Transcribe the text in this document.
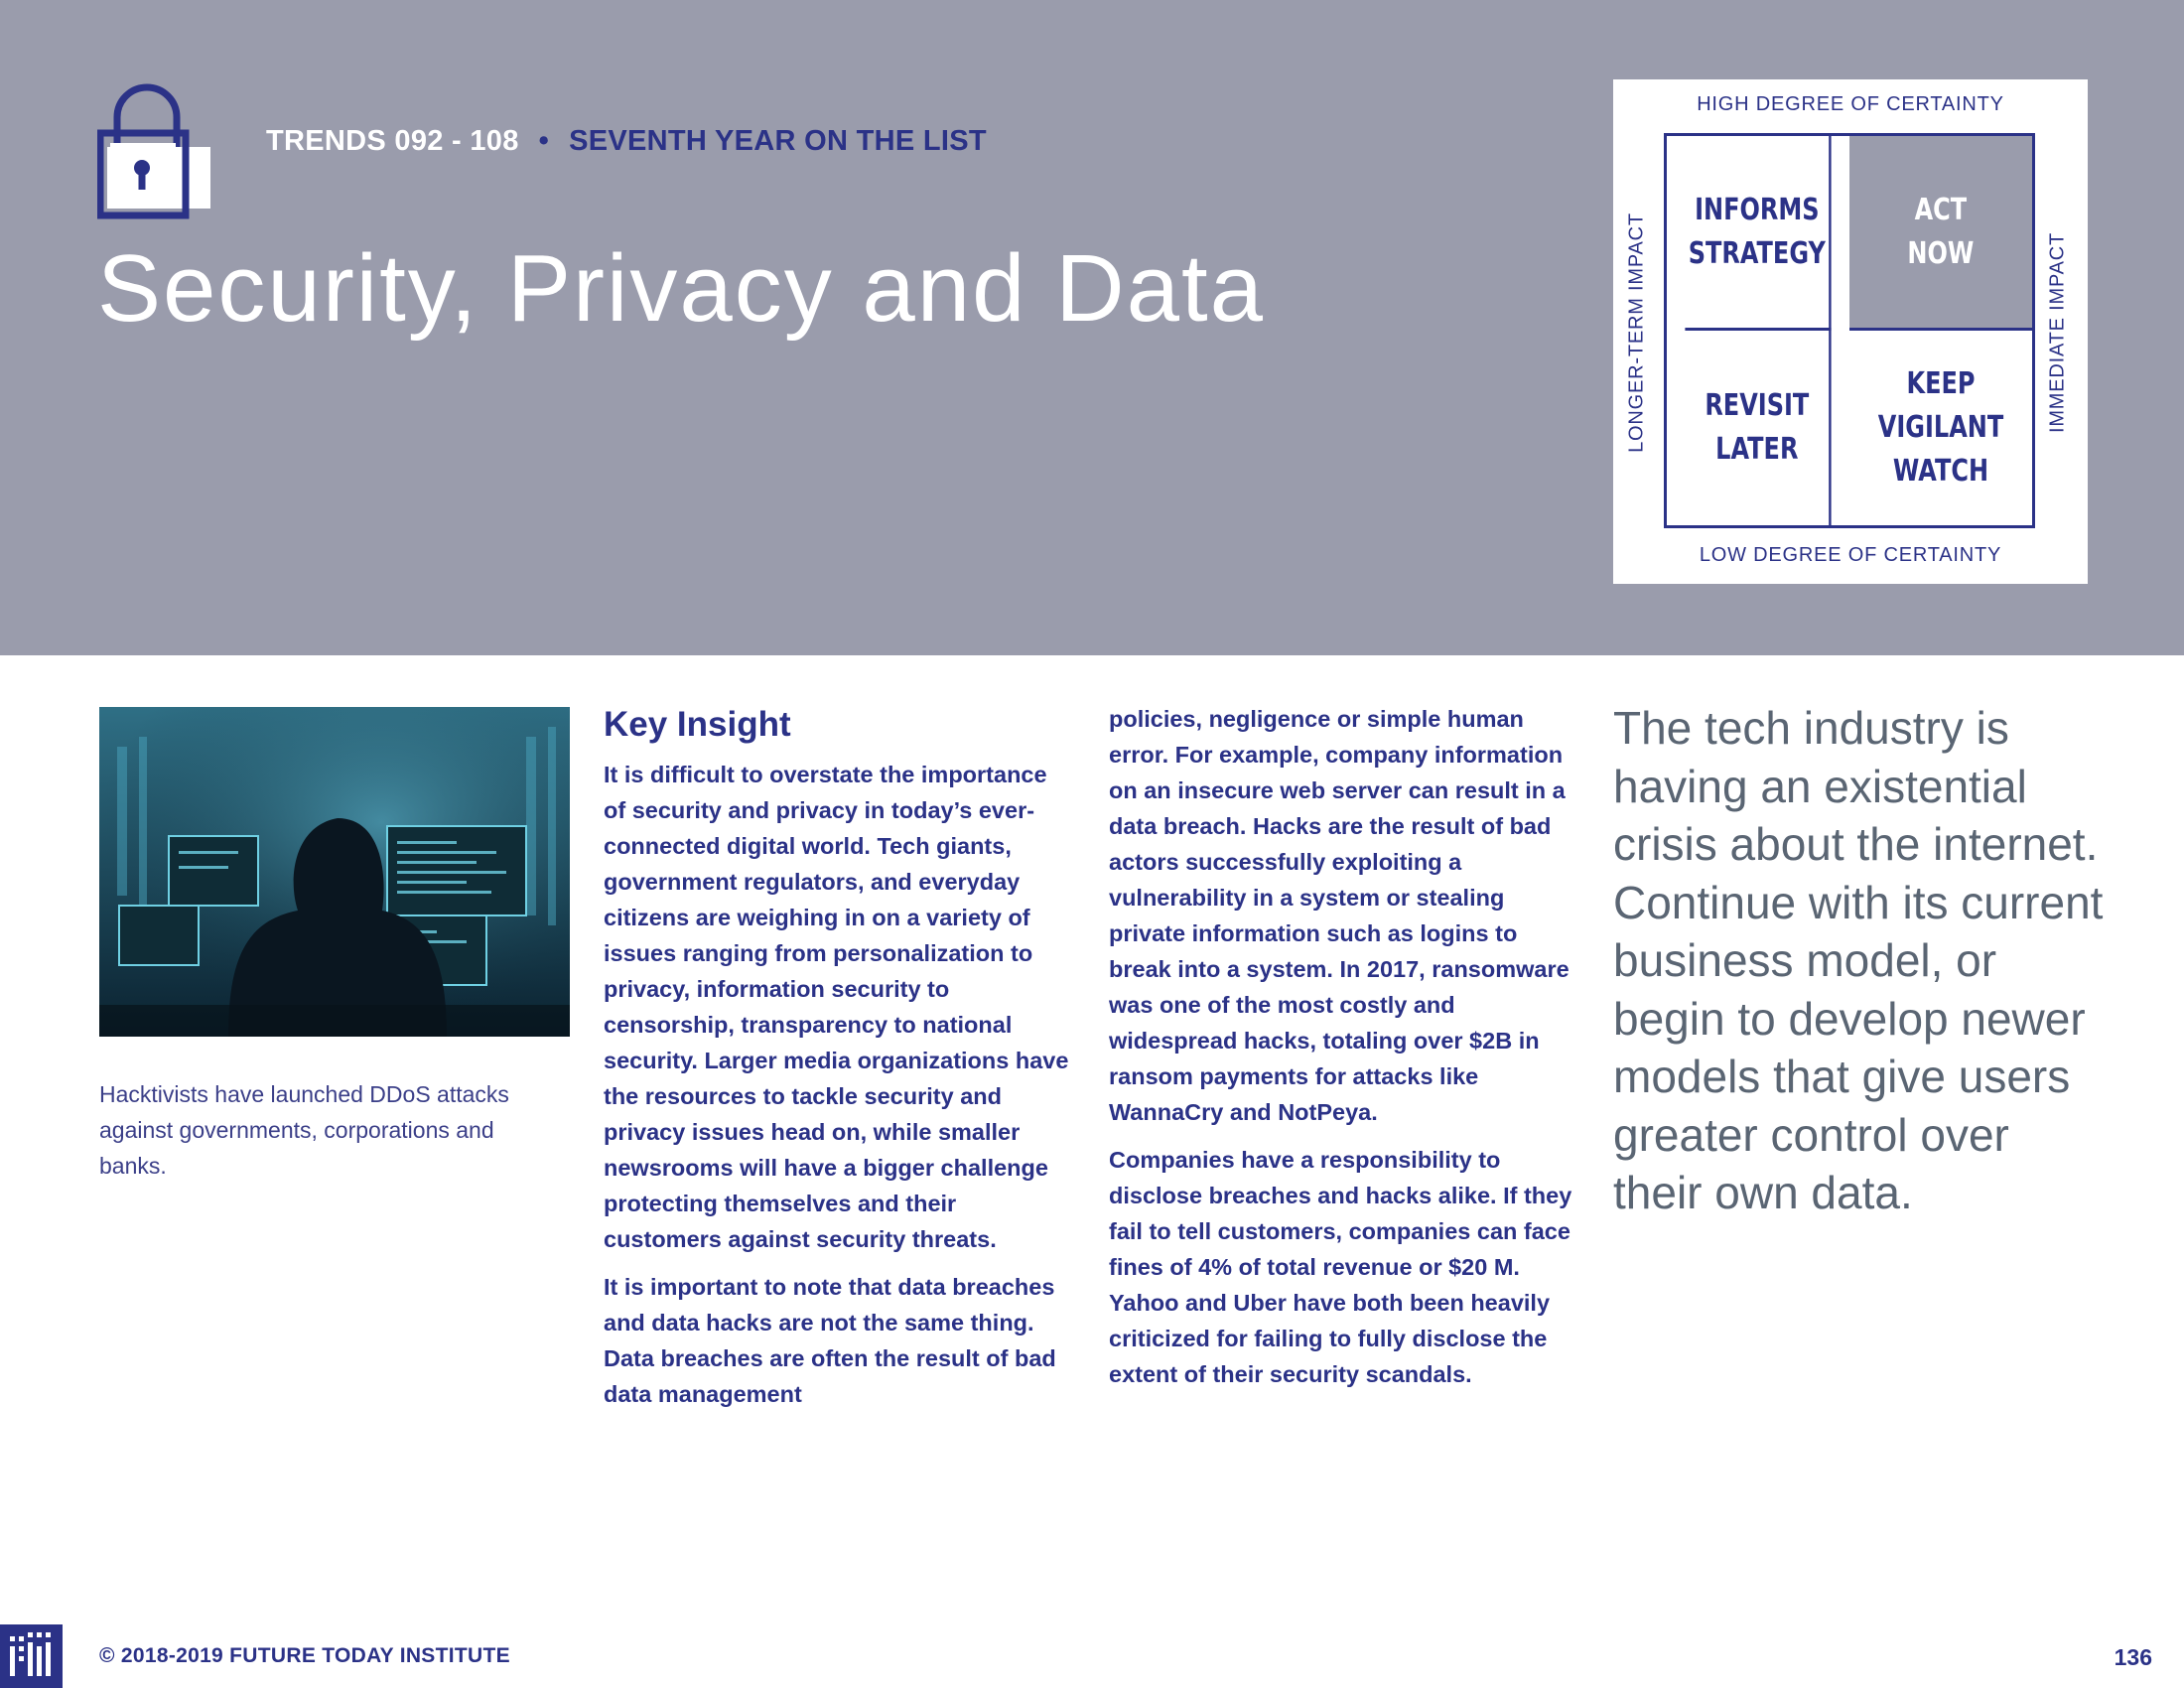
TRENDS 092 - 108 • SEVENTH YEAR ON THE LIST
Security, Privacy and Data
HIGH DEGREE OF CERTAINTY
LOW DEGREE OF CERTAINTY
LONGER-TERM IMPACT	IMMEDIATE IMPACT
INFORMS
STRATEGY
ACT
NOW
REVISIT
LATER
KEEP
VIGILANT
WATCH

Hacktivists have launched DDoS attacks against governments, corporations and banks.

Key Insight

It is difficult to overstate the importance of security and privacy in today’s ever-connected digital world. Tech giants, government regulators, and everyday citizens are weighing in on a variety of issues ranging from personalization to privacy, information security to censorship, transparency to national security. Larger media organizations have the resources to tackle security and privacy issues head on, while smaller newsrooms will have a bigger challenge protecting themselves and their customers against security threats.

It is important to note that data breaches and data hacks are not the same thing. Data breaches are often the result of bad data management

policies, negligence or simple human error. For example, company information on an insecure web server can result in a data breach. Hacks are the result of bad actors successfully exploiting a vulnerability in a system or stealing private information such as logins to break into a system. In 2017, ransomware was one of the most costly and widespread hacks, totaling over $2B in ransom payments for attacks like WannaCry and NotPeya.

Companies have a responsibility to disclose breaches and hacks alike. If they fail to tell customers, companies can face fines of 4% of total revenue or $20 M. Yahoo and Uber have both been heavily criticized for failing to fully disclose the extent of their security scandals.

The tech industry is having an existential crisis about the internet. Continue with its current business model, or begin to develop newer models that give users greater control over their own data.

© 2018-2019 FUTURE TODAY INSTITUTE	136
